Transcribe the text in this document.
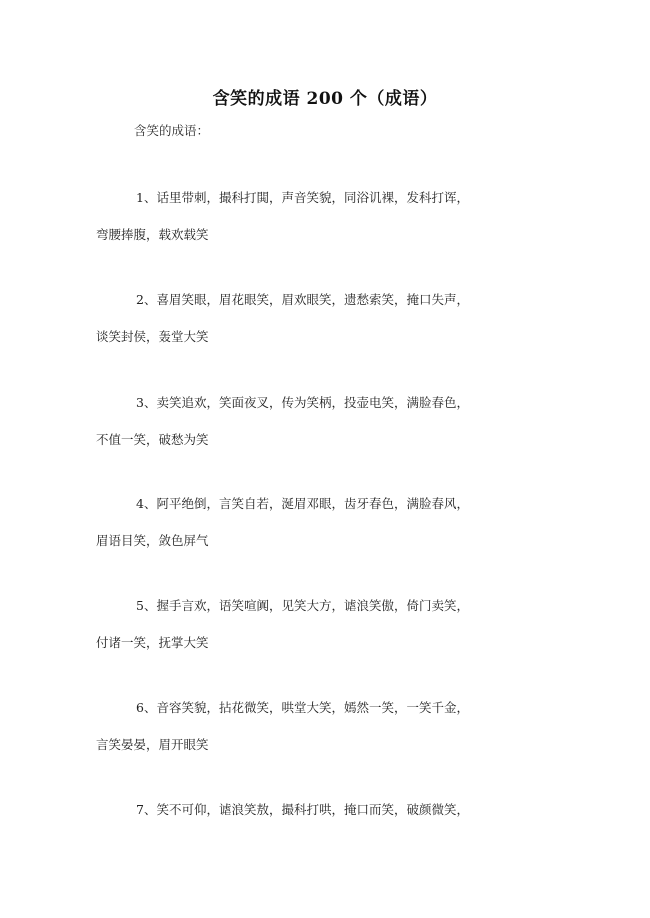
含笑的成语 200 个（成语）
含笑的成语：
1、话里带刺，撮科打閧，声音笑貌，同浴讥裸，发科打诨，
弯腰捧腹，载欢载笑
2、喜眉笑眼，眉花眼笑，眉欢眼笑，遗愁索笑，掩口失声，
谈笑封侯，轰堂大笑
3、卖笑追欢，笑面夜叉，传为笑柄，投壶电笑，满脸春色，
不值一笑，破愁为笑
4、阿平绝倒，言笑自若，涎眉邓眼，齿牙春色，满脸春风，
眉语目笑，敛色屏气
5、握手言欢，语笑喧阗，见笑大方，谑浪笑傲，倚门卖笑，
付诸一笑，抚掌大笑
6、音容笑貌，拈花微笑，哄堂大笑，嫣然一笑，一笑千金，
言笑晏晏，眉开眼笑
7、笑不可仰，谑浪笑敖，撮科打哄，掩口而笑，破颜微笑，
